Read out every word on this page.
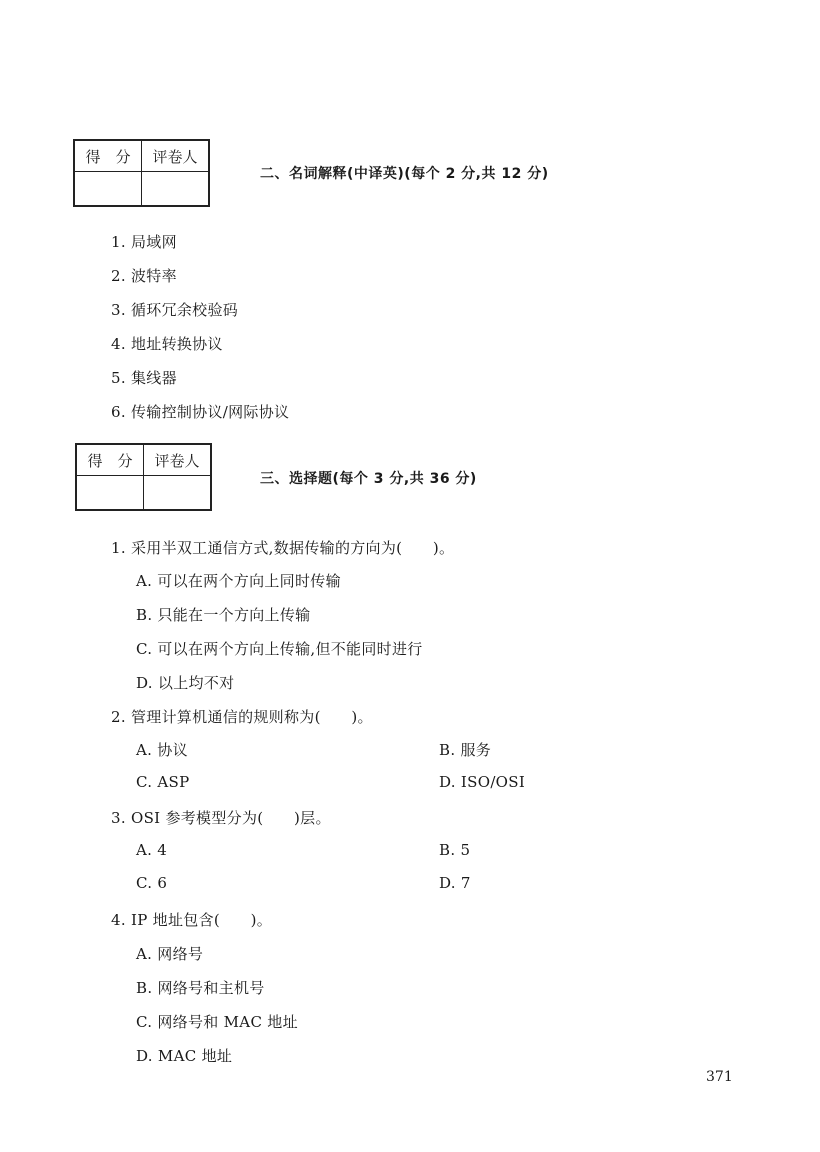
得　分	评卷人

二、名词解释(中译英)(每个 2 分,共 12 分)
1. 局域网
2. 波特率
3. 循环冗余校验码
4. 地址转换协议
5. 集线器
6. 传输控制协议/网际协议
得　分	评卷人

三、选择题(每个 3 分,共 36 分)
1. 采用半双工通信方式,数据传输的方向为(　　)。
A. 可以在两个方向上同时传输
B. 只能在一个方向上传输
C. 可以在两个方向上传输,但不能同时进行
D. 以上均不对
2. 管理计算机通信的规则称为(　　)。
A. 协议	B. 服务
C. ASP	D. ISO/OSI
3. OSI 参考模型分为(　　)层。
A. 4	B. 5
C. 6	D. 7
4. IP 地址包含(　　)。
A. 网络号
B. 网络号和主机号
C. 网络号和 MAC 地址
D. MAC 地址
371
